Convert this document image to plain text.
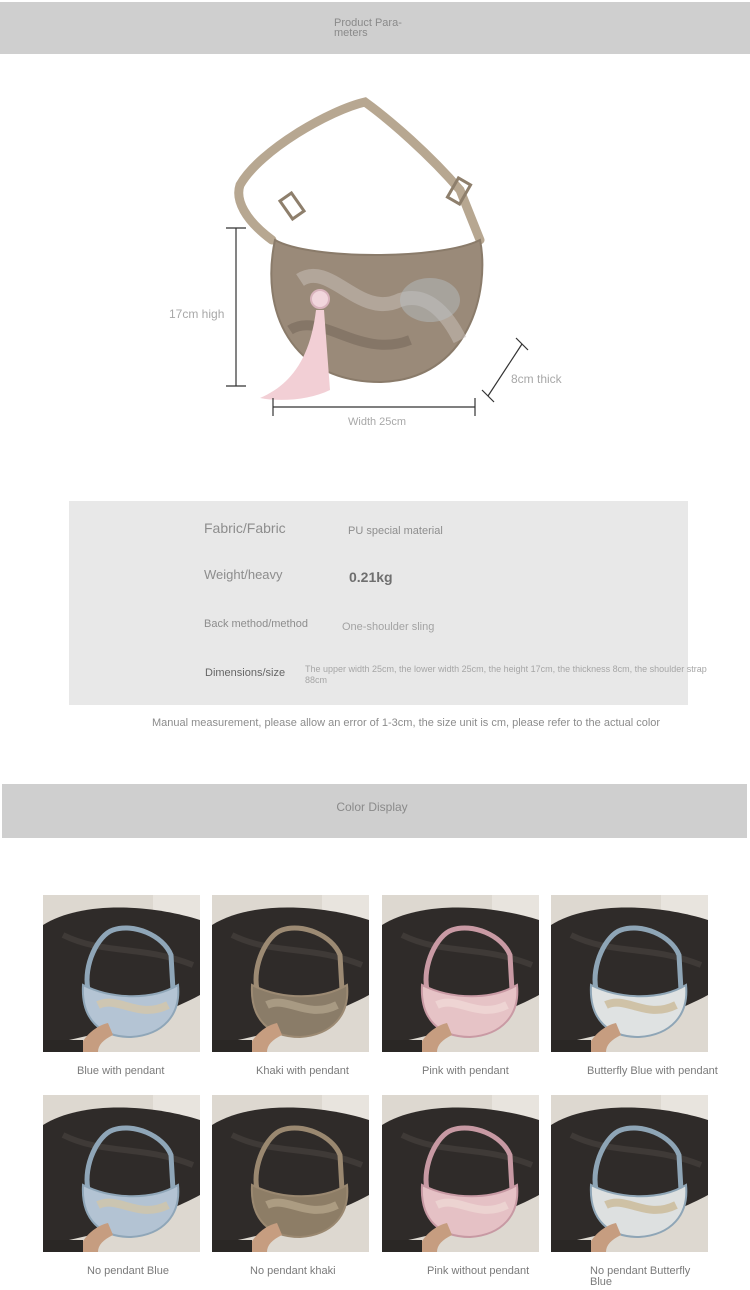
Product Para-
meters
17cm high
8cm thick
Width 25cm
Fabric/Fabric	PU special material
Weight/heavy	0.21kg
Back method/method	One-shoulder sling
Dimensions/size The upper width 25cm, the lower width 25cm, the height 17cm, the thickness 8cm, the shoulder strap 88cm
Manual measurement, please allow an error of 1-3cm, the size unit is cm, please refer to the actual color
Color Display
Blue with pendant	Khaki with pendant	Pink with pendant	Butterfly Blue with pendant
No pendant Blue	No pendant khaki	Pink without pendant	No pendant Butterfly Blue
